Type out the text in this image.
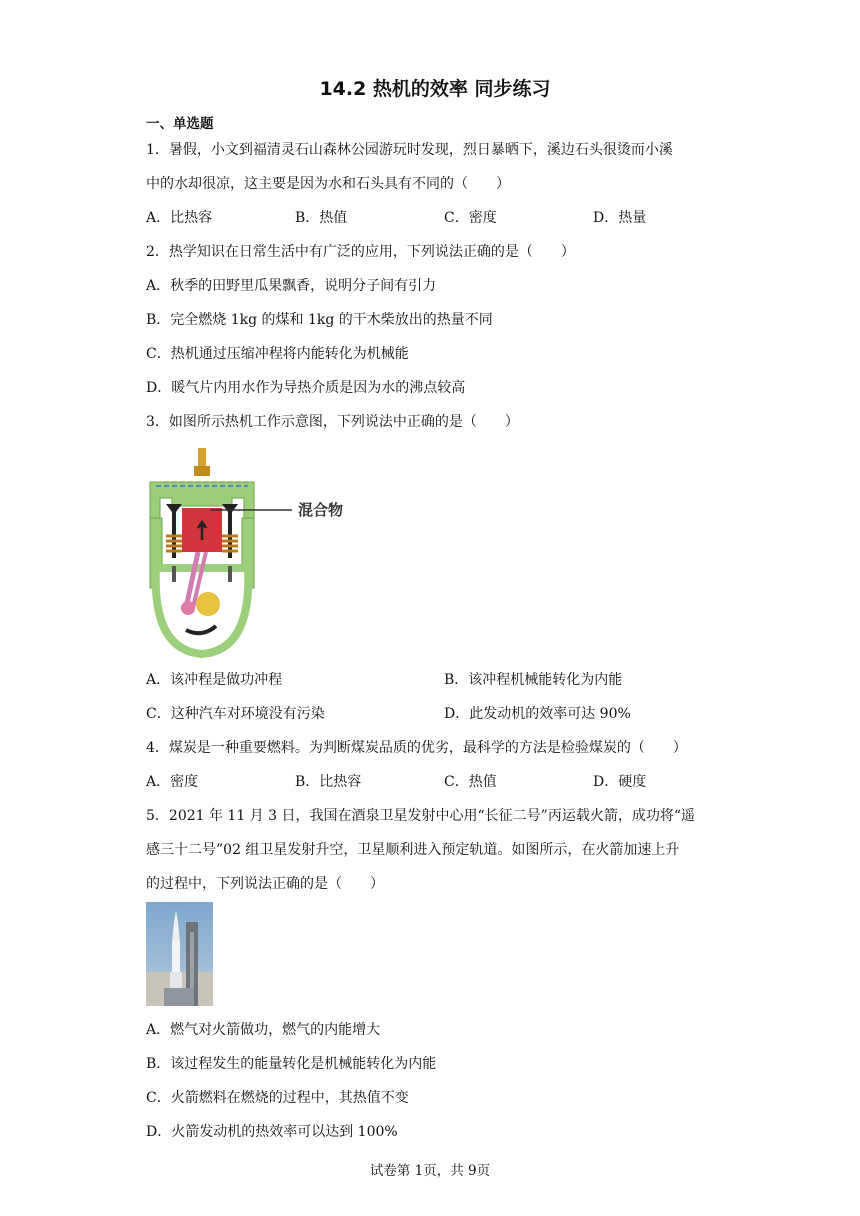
14.2 热机的效率 同步练习
一、单选题
1．暑假，小文到福清灵石山森林公园游玩时发现，烈日暴晒下，溪边石头很烫而小溪
中的水却很凉，这主要是因为水和石头具有不同的（　　）
A．比热容	B．热值	C．密度	D．热量
2．热学知识在日常生活中有广泛的应用，下列说法正确的是（　　）
A．秋季的田野里瓜果飘香，说明分子间有引力
B．完全燃烧 1kg 的煤和 1kg 的干木柴放出的热量不同
C．热机通过压缩冲程将内能转化为机械能
D．暖气片内用水作为导热介质是因为水的沸点较高
3．如图所示热机工作示意图，下列说法中正确的是（　　）
混合物
A．该冲程是做功冲程	B．该冲程机械能转化为内能
C．这种汽车对环境没有污染	D．此发动机的效率可达 90%
4．煤炭是一种重要燃料。为判断煤炭品质的优劣，最科学的方法是检验煤炭的（　　）
A．密度	B．比热容	C．热值	D．硬度
5．2021 年 11 月 3 日，我国在酒泉卫星发射中心用“长征二号”丙运载火箭，成功将“遥
感三十二号”02 组卫星发射升空，卫星顺利进入预定轨道。如图所示，在火箭加速上升
的过程中，下列说法正确的是（　　）
A．燃气对火箭做功，燃气的内能增大
B．该过程发生的能量转化是机械能转化为内能
C．火箭燃料在燃烧的过程中，其热值不变
D．火箭发动机的热效率可以达到 100%
试卷第 1页，共 9页
